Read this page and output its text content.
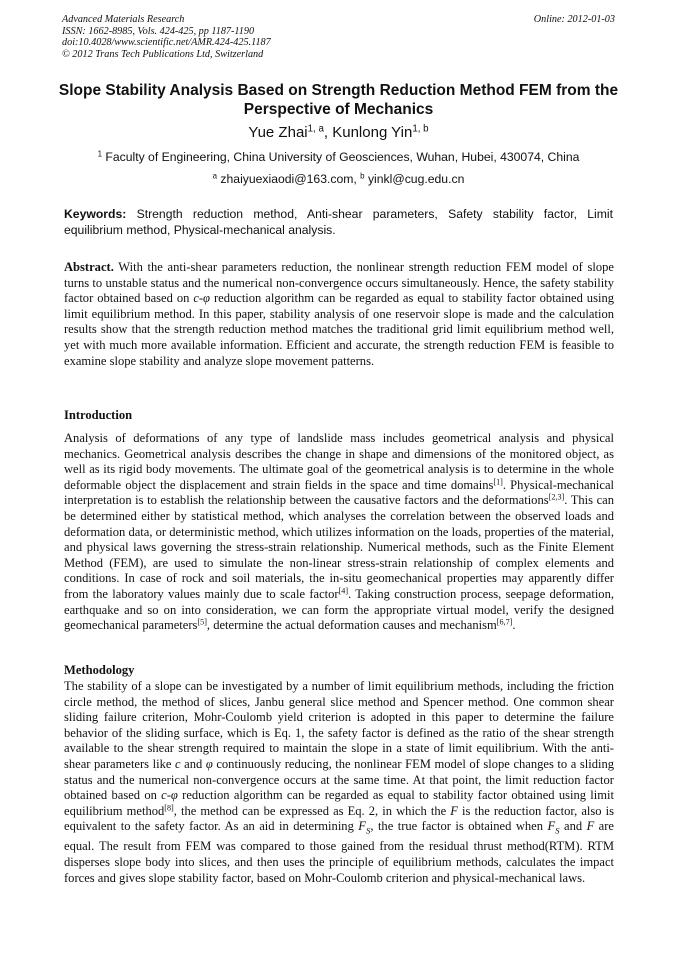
Advanced Materials Research
ISSN: 1662-8985, Vols. 424-425, pp 1187-1190
doi:10.4028/www.scientific.net/AMR.424-425.1187
© 2012 Trans Tech Publications Ltd, Switzerland
Online: 2012-01-03
Slope Stability Analysis Based on Strength Reduction Method FEM from the Perspective of Mechanics
Yue Zhai$^{1, a}$, Kunlong Yin$^{1, b}$
$^1$ Faculty of Engineering, China University of Geosciences, Wuhan, Hubei, 430074, China
$^a$ zhaiyuexiaodi@163.com, $^b$ yinkl@cug.edu.cn
Keywords: Strength reduction method, Anti-shear parameters, Safety stability factor, Limit equilibrium method, Physical-mechanical analysis.
Abstract. With the anti-shear parameters reduction, the nonlinear strength reduction FEM model of slope turns to unstable status and the numerical non-convergence occurs simultaneously. Hence, the safety stability factor obtained based on c-φ reduction algorithm can be regarded as equal to stability factor obtained using limit equilibrium method. In this paper, stability analysis of one reservoir slope is made and the calculation results show that the strength reduction method matches the traditional grid limit equilibrium method well, yet with much more available information. Efficient and accurate, the strength reduction FEM is feasible to examine slope stability and analyze slope movement patterns.
Introduction
Analysis of deformations of any type of landslide mass includes geometrical analysis and physical mechanics. Geometrical analysis describes the change in shape and dimensions of the monitored object, as well as its rigid body movements. The ultimate goal of the geometrical analysis is to determine in the whole deformable object the displacement and strain fields in the space and time domains[1]. Physical-mechanical interpretation is to establish the relationship between the causative factors and the deformations[2,3]. This can be determined either by statistical method, which analyses the correlation between the observed loads and deformation data, or deterministic method, which utilizes information on the loads, properties of the material, and physical laws governing the stress-strain relationship. Numerical methods, such as the Finite Element Method (FEM), are used to simulate the non-linear stress-strain relationship of complex elements and conditions. In case of rock and soil materials, the in-situ geomechanical properties may apparently differ from the laboratory values mainly due to scale factor[4]. Taking construction process, seepage deformation, earthquake and so on into consideration, we can form the appropriate virtual model, verify the designed geomechanical parameters[5], determine the actual deformation causes and mechanism[6,7].
Methodology
The stability of a slope can be investigated by a number of limit equilibrium methods, including the friction circle method, the method of slices, Janbu general slice method and Spencer method. One common shear sliding failure criterion, Mohr-Coulomb yield criterion is adopted in this paper to determine the failure behavior of the sliding surface, which is Eq. 1, the safety factor is defined as the ratio of the shear strength available to the shear strength required to maintain the slope in a state of limit equilibrium. With the anti-shear parameters like c and φ continuously reducing, the nonlinear FEM model of slope changes to a sliding status and the numerical non-convergence occurs at the same time. At that point, the limit reduction factor obtained based on c-φ reduction algorithm can be regarded as equal to stability factor obtained using limit equilibrium method[8], the method can be expressed as Eq. 2, in which the F is the reduction factor, also is equivalent to the safety factor. As an aid in determining $F_S$, the true factor is obtained when $F_S$ and F are equal. The result from FEM was compared to those gained from the residual thrust method(RTM). RTM disperses slope body into slices, and then uses the principle of equilibrium methods, calculates the impact forces and gives slope stability factor, based on Mohr-Coulomb criterion and physical-mechanical laws.
